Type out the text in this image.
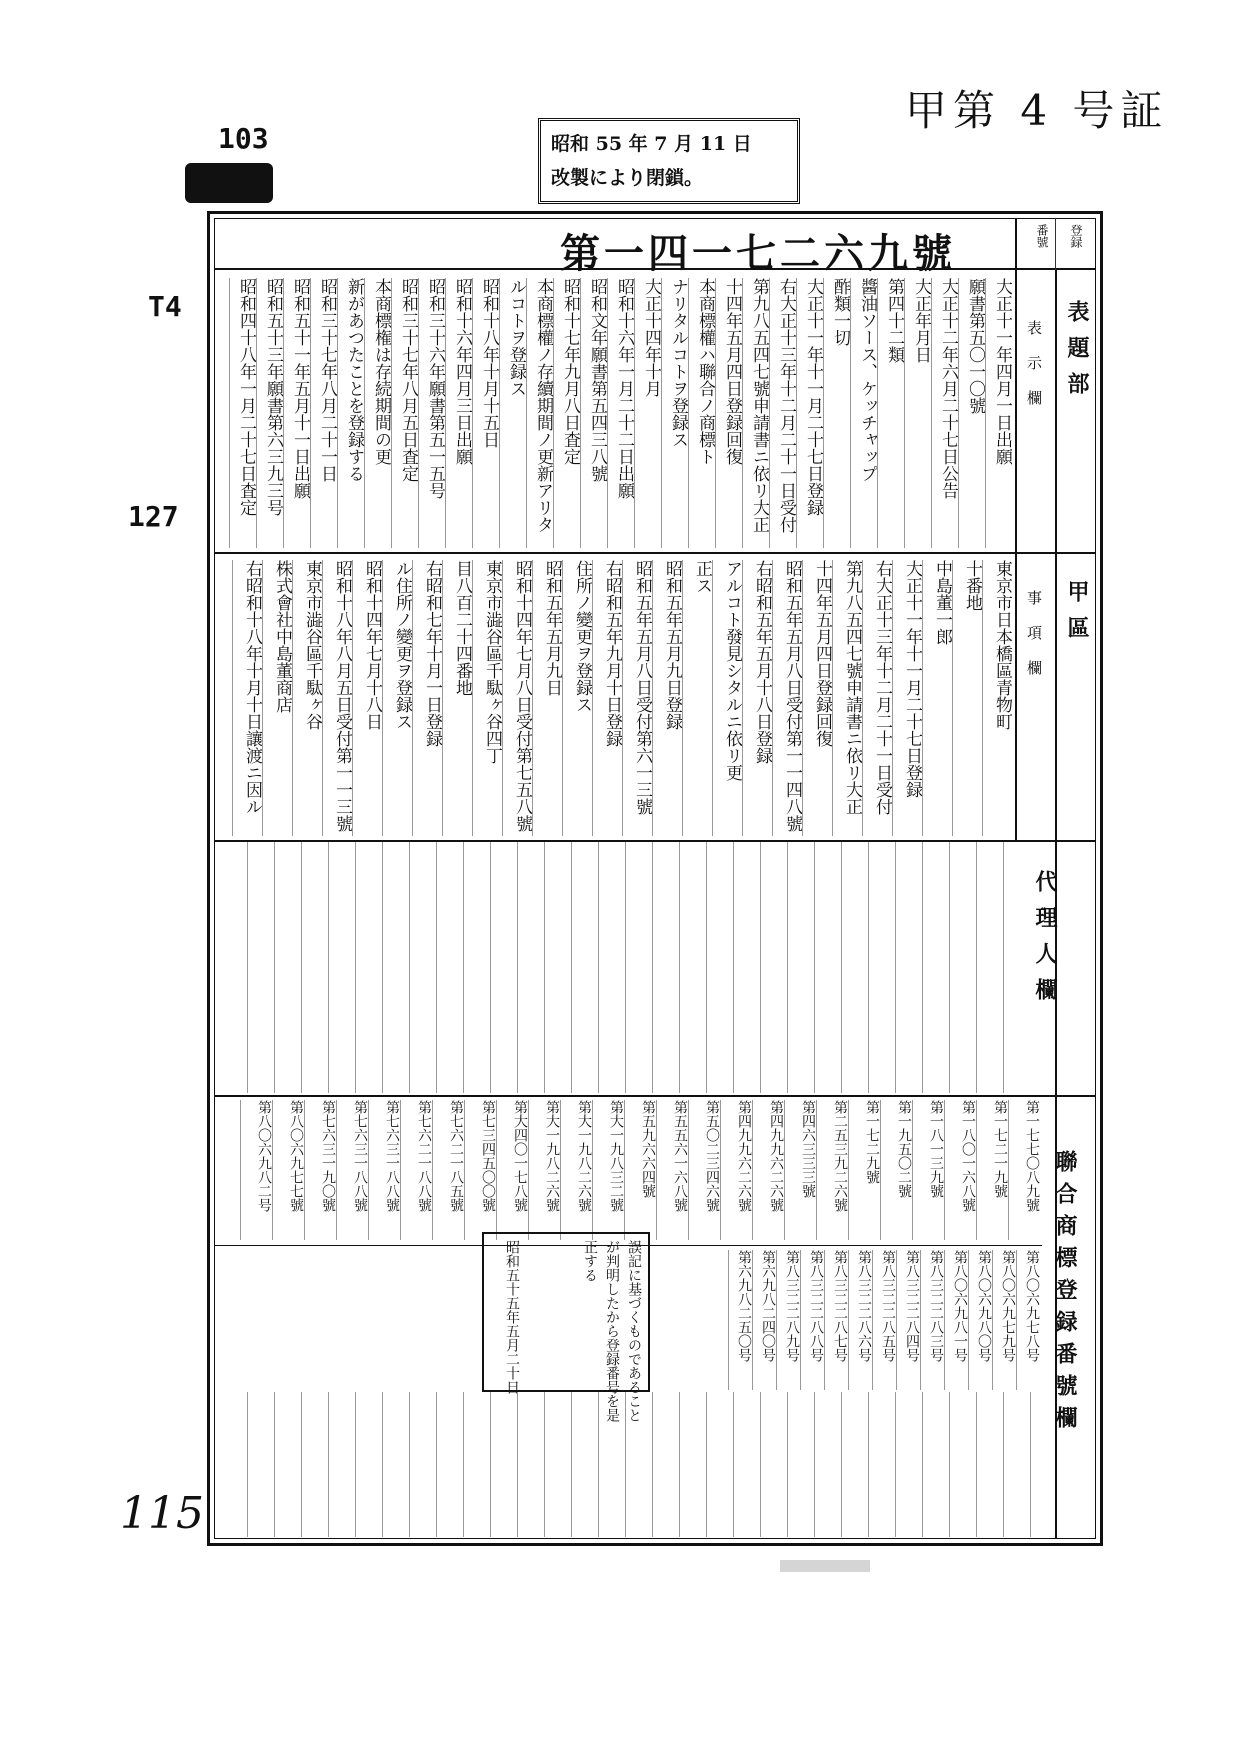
甲第 4 号証
昭和 55 年 7 月 11 日
改製により閉鎖。
103
T4
127
115
第一四一七二六九號	番號 登録
表題部
甲區
代理人欄
聯合商標登録番號欄
表示欄
事項欄
大正十一年四月一日出願
願書第五〇一〇號
大正十二年六月二十七日公告
大正年月日
第四十二類
醬油ソース、ケッチャップ
酢類一切
大正十一年十一月二十七日登録
右大正十三年十二月二十一日受付
第九八五四七號申請書ニ依リ大正
十四年五月四日登録回復
本商標權ハ聯合ノ商標ト
ナリタルコトヲ登録ス
大正十四年十月
昭和十六年一月二十二日出願
昭和文年願書第五四三八號
昭和十七年九月八日査定
本商標權ノ存續期間ノ更新アリタ
ルコトヲ登録ス
昭和十八年十月十五日
昭和十六年四月三日出願
昭和三十六年願書第五一五号
昭和三十七年八月五日査定
本商標権は存続期間の更
新があつたことを登録する
昭和三十七年八月二十一日
昭和五十一年五月十一日出願
昭和五十三年願書第六三九三号
昭和四十八年一月二十七日査定
東京市日本橋區青物町
十番地
中島董一郎
大正十一年十一月二十七日登録
右大正十三年十二月二十一日受付
第九八五四七號申請書ニ依リ大正
十四年五月四日登録回復
昭和五年五月八日受付第一一四八號
右昭和五年五月十八日登録
アルコト發見シタルニ依リ更
正ス
昭和五年五月九日登録
昭和五年五月八日受付第六一三號
右昭和五年九月十日登録
住所ノ變更ヲ登録ス
昭和五年五月九日
昭和十四年七月八日受付第七五八號
東京市澁谷區千駄ヶ谷四丁
目八百二十四番地
右昭和七年十月一日登録
ル住所ノ變更ヲ登録ス
昭和十四年七月十八日
昭和十八年八月五日受付第一一三號
東京市澁谷區千駄ヶ谷
株式會社中島董商店
右昭和十八年十月十日讓渡ニ因ル
第一七七〇八九號
第一七二一九號
第一八〇一六八號
第一八一三九號
第一九五〇二號
第一七二九號
第二五三九二六號
第四六三三三號
第四九九六二六號
第四九九六二六號
第五〇二三四六號
第五五六一六八號
第五九六六四號
第大一九八三二號
第大一九八二六號
第大一九八二六號
第大四〇一七八號
第七三四五〇〇號
第七六二一八五號
第七六二一八八號
第七六三一八八號
第七六三一八八號
第七六三一九〇號
第八〇六九七七號
第八〇六九八二号
第八〇六九七八号
第八〇六九七九号
第八〇六九八〇号
第八〇六九八一号
第八三二二八三号
第八三二二八四号
第八三二二八五号
第八三二二八六号
第八三二二八七号
第八三二二八八号
第八三二二八九号
第六九八二四〇号
第六九八二五〇号
誤記に基づくものであること
が判明したから登録番号を是
正する
昭和五十五年五月二十日
